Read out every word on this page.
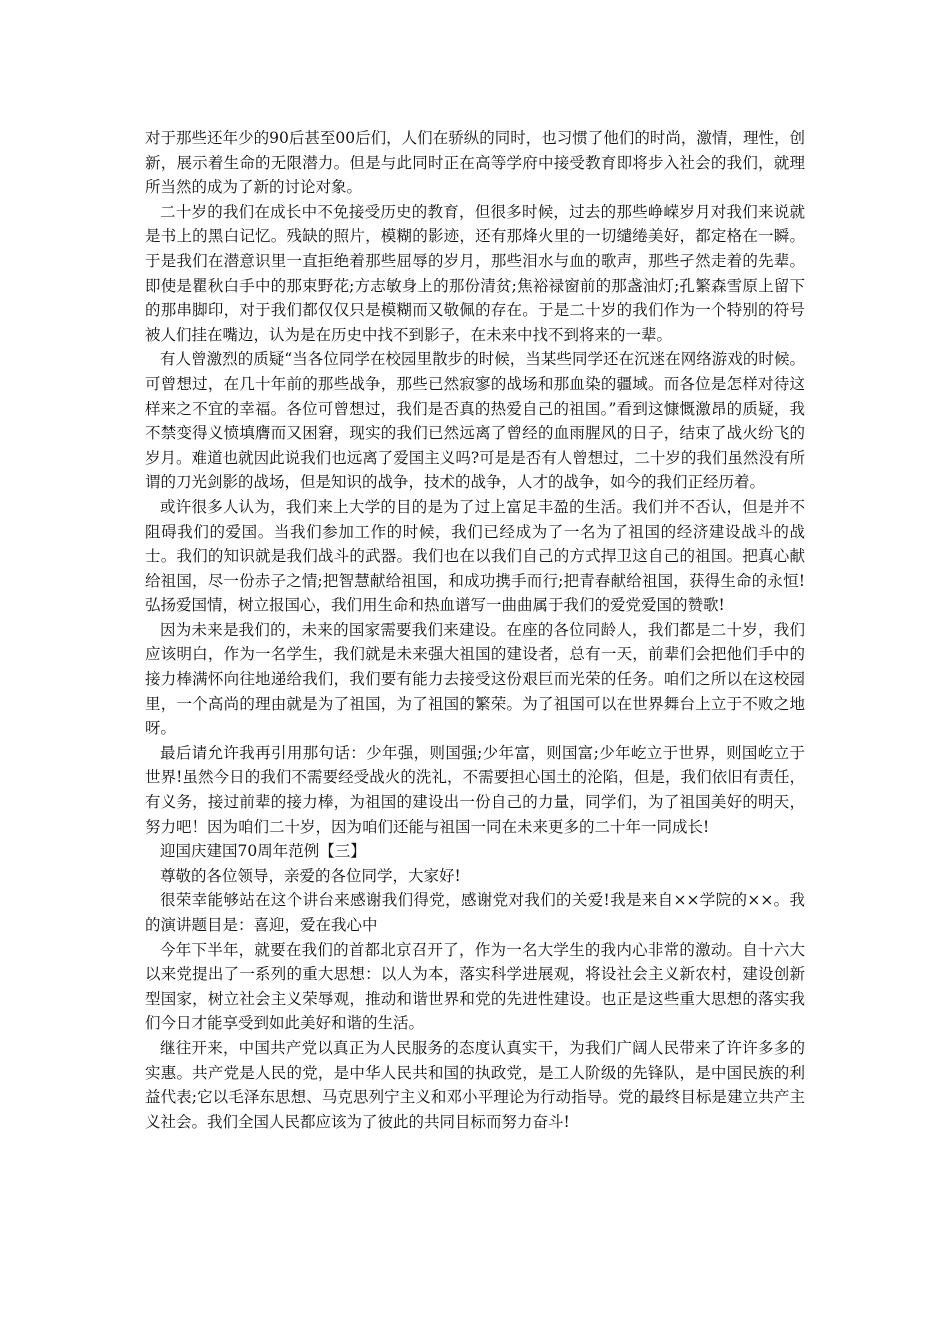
对于那些还年少的90后甚至00后们，人们在骄纵的同时，也习惯了他们的时尚，激情，理性，创新，展示着生命的无限潜力。但是与此同时正在高等学府中接受教育即将步入社会的我们，就理所当然的成为了新的讨论对象。

二十岁的我们在成长中不免接受历史的教育，但很多时候，过去的那些峥嵘岁月对我们来说就是书上的黑白记忆。残缺的照片，模糊的影迹，还有那烽火里的一切缱绻美好，都定格在一瞬。于是我们在潜意识里一直拒绝着那些屈辱的岁月，那些泪水与血的歌声，那些孑然走着的先辈。即使是瞿秋白手中的那束野花;方志敏身上的那份清贫;焦裕禄窗前的那盏油灯;孔繁森雪原上留下的那串脚印，对于我们都仅仅只是模糊而又敬佩的存在。于是二十岁的我们作为一个特别的符号被人们挂在嘴边，认为是在历史中找不到影子，在未来中找不到将来的一辈。

有人曾激烈的质疑“当各位同学在校园里散步的时候，当某些同学还在沉迷在网络游戏的时候。可曾想过，在几十年前的那些战争，那些已然寂寥的战场和那血染的疆域。而各位是怎样对待这样来之不宜的幸福。各位可曾想过，我们是否真的热爱自己的祖国。”看到这慷慨激昂的质疑，我不禁变得义愤填膺而又困窘，现实的我们已然远离了曾经的血雨腥风的日子，结束了战火纷飞的岁月。难道也就因此说我们也远离了爱国主义吗?可是是否有人曾想过，二十岁的我们虽然没有所谓的刀光剑影的战场，但是知识的战争，技术的战争，人才的战争，如今的我们正经历着。

或许很多人认为，我们来上大学的目的是为了过上富足丰盈的生活。我们并不否认，但是并不阻碍我们的爱国。当我们参加工作的时候，我们已经成为了一名为了祖国的经济建设战斗的战士。我们的知识就是我们战斗的武器。我们也在以我们自己的方式捍卫这自己的祖国。把真心献给祖国，尽一份赤子之情;把智慧献给祖国，和成功携手而行;把青春献给祖国，获得生命的永恒!弘扬爱国情，树立报国心，我们用生命和热血谱写一曲曲属于我们的爱党爱国的赞歌!

因为未来是我们的，未来的国家需要我们来建设。在座的各位同龄人，我们都是二十岁，我们应该明白，作为一名学生，我们就是未来强大祖国的建设者，总有一天，前辈们会把他们手中的接力棒满怀向往地递给我们，我们要有能力去接受这份艰巨而光荣的任务。咱们之所以在这校园里，一个高尚的理由就是为了祖国，为了祖国的繁荣。为了祖国可以在世界舞台上立于不败之地呀。

最后请允许我再引用那句话：少年强，则国强;少年富，则国富;少年屹立于世界，则国屹立于世界!虽然今日的我们不需要经受战火的洗礼，不需要担心国土的沦陷，但是，我们依旧有责任，有义务，接过前辈的接力棒，为祖国的建设出一份自己的力量，同学们，为了祖国美好的明天，努力吧！因为咱们二十岁，因为咱们还能与祖国一同在未来更多的二十年一同成长!

迎国庆建国70周年范例【三】

尊敬的各位领导，亲爱的各位同学，大家好!

很荣幸能够站在这个讲台来感谢我们得党，感谢党对我们的关爱!我是来自××学院的××。我的演讲题目是：喜迎，爱在我心中

今年下半年，就要在我们的首都北京召开了，作为一名大学生的我内心非常的激动。自十六大以来党提出了一系列的重大思想：以人为本，落实科学进展观，将设社会主义新农村，建设创新型国家，树立社会主义荣辱观，推动和谐世界和党的先进性建设。也正是这些重大思想的落实我们今日才能享受到如此美好和谐的生活。

继往开来，中国共产党以真正为人民服务的态度认真实干，为我们广阔人民带来了许许多多的实惠。共产党是人民的党，是中华人民共和国的执政党，是工人阶级的先锋队，是中国民族的利益代表;它以毛泽东思想、马克思列宁主义和邓小平理论为行动指导。党的最终目标是建立共产主义社会。我们全国人民都应该为了彼此的共同目标而努力奋斗!
